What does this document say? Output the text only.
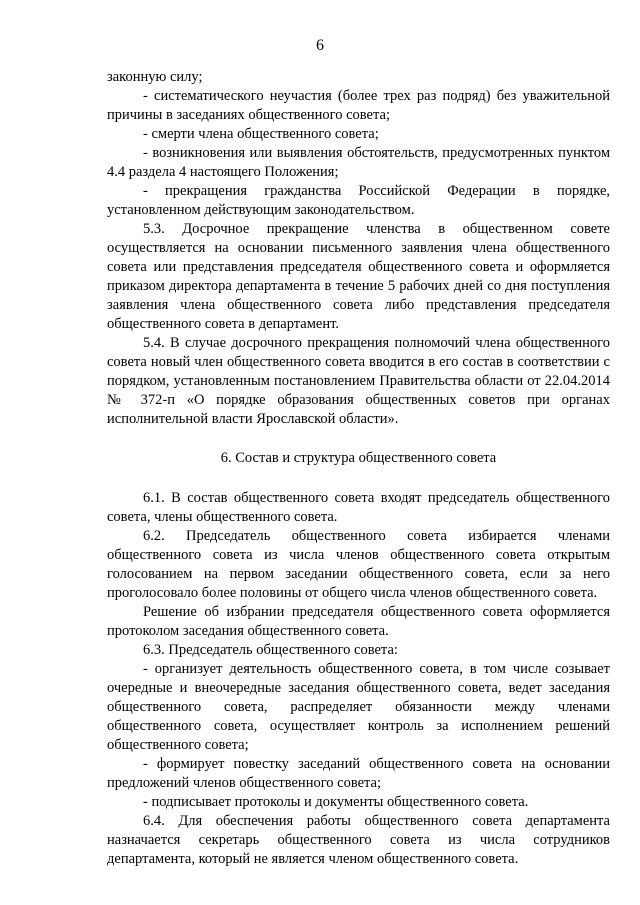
6

законную силу;

- систематического неучастия (более трех раз подряд) без уважительной причины в заседаниях общественного совета;

- смерти члена общественного совета;

- возникновения или выявления обстоятельств, предусмотренных пунктом 4.4 раздела 4 настоящего Положения;

- прекращения гражданства Российской Федерации в порядке, установленном действующим законодательством.

5.3. Досрочное прекращение членства в общественном совете осуществляется на основании письменного заявления члена общественного совета или представления председателя общественного совета и оформляется приказом директора департамента в течение 5 рабочих дней со дня поступления заявления члена общественного совета либо представления председателя общественного совета в департамент.

5.4. В случае досрочного прекращения полномочий члена общественного совета новый член общественного совета вводится в его состав в соответствии с порядком, установленным постановлением Правительства области от 22.04.2014 № 372-п «О порядке образования общественных советов при органах исполнительной власти Ярославской области».

6. Состав и структура общественного совета

6.1. В состав общественного совета входят председатель общественного совета, члены общественного совета.

6.2. Председатель общественного совета избирается членами общественного совета из числа членов общественного совета открытым голосованием на первом заседании общественного совета, если за него проголосовало более половины от общего числа членов общественного совета.

Решение об избрании председателя общественного совета оформляется протоколом заседания общественного совета.

6.3. Председатель общественного совета:

- организует деятельность общественного совета, в том числе созывает очередные и внеочередные заседания общественного совета, ведет заседания общественного совета, распределяет обязанности между членами общественного совета, осуществляет контроль за исполнением решений общественного совета;

- формирует повестку заседаний общественного совета на основании предложений членов общественного совета;

- подписывает протоколы и документы общественного совета.

6.4. Для обеспечения работы общественного совета департамента назначается секретарь общественного совета из числа сотрудников департамента, который не является членом общественного совета.
